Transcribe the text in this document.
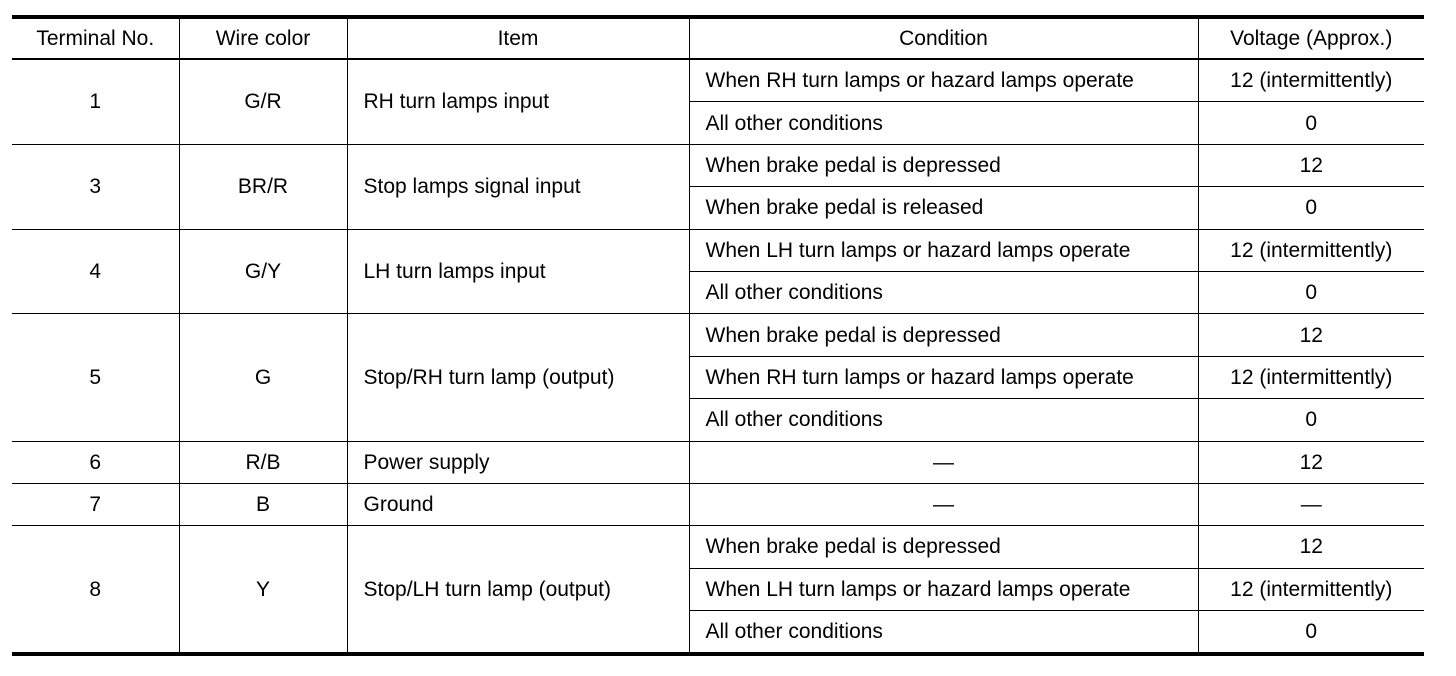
Terminal No.	Wire color	Item	Condition	Voltage (Approx.)
1	G/R	RH turn lamps input	When RH turn lamps or hazard lamps operate	12 (intermittently)
			All other conditions	0
3	BR/R	Stop lamps signal input	When brake pedal is depressed	12
			When brake pedal is released	0
4	G/Y	LH turn lamps input	When LH turn lamps or hazard lamps operate	12 (intermittently)
			All other conditions	0
5	G	Stop/RH turn lamp (output)	When brake pedal is depressed	12
			When RH turn lamps or hazard lamps operate	12 (intermittently)
			All other conditions	0
6	R/B	Power supply	—	12
7	B	Ground	—	—
8	Y	Stop/LH turn lamp (output)	When brake pedal is depressed	12
			When LH turn lamps or hazard lamps operate	12 (intermittently)
			All other conditions	0
